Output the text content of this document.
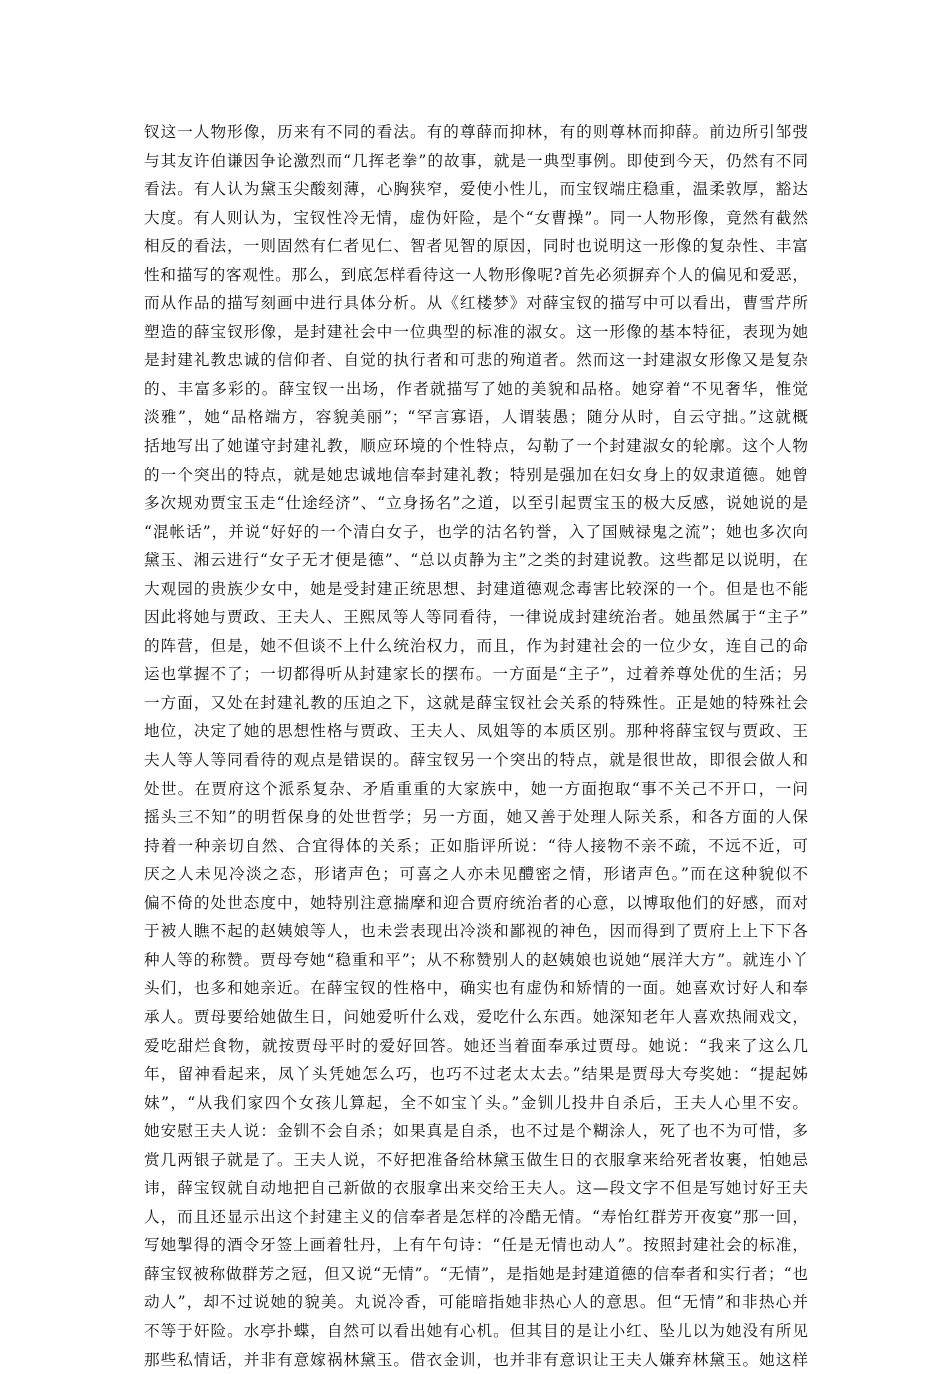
钗这一人物形像，历来有不同的看法。有的尊薛而抑林，有的则尊林而抑薛。前边所引邹弢
与其友许伯谦因争论激烈而“几挥老拳”的故事，就是一典型事例。即使到今天，仍然有不同
看法。有人认为黛玉尖酸刻薄，心胸狭窄，爱使小性儿，而宝钗端庄稳重，温柔敦厚，豁达
大度。有人则认为，宝钗性冷无情，虚伪奸险，是个“女曹操”。同一人物形像，竟然有截然
相反的看法，一则固然有仁者见仁、智者见智的原因，同时也说明这一形像的复杂性、丰富
性和描写的客观性。那么，到底怎样看待这一人物形像呢?首先必须摒弃个人的偏见和爱恶，
而从作品的描写刻画中进行具体分析。从《红楼梦》对薛宝钗的描写中可以看出，曹雪芹所
塑造的薛宝钗形像，是封建社会中一位典型的标准的淑女。这一形像的基本特征，表现为她
是封建礼教忠诚的信仰者、自觉的执行者和可悲的殉道者。然而这一封建淑女形像又是复杂
的、丰富多彩的。薛宝钗一出场，作者就描写了她的美貌和品格。她穿着“不见奢华，惟觉
淡雅”，她“品格端方，容貌美丽”；“罕言寡语，人谓装愚；随分从时，自云守拙。”这就概
括地写出了她谨守封建礼教，顺应环境的个性特点，勾勒了一个封建淑女的轮廓。这个人物
的一个突出的特点，就是她忠诚地信奉封建礼教；特别是强加在妇女身上的奴隶道德。她曾
多次规劝贾宝玉走“仕途经济”、“立身扬名”之道，以至引起贾宝玉的极大反感，说她说的是
“混帐话”，并说“好好的一个清白女子，也学的沽名钓誉，入了国贼禄鬼之流”；她也多次向
黛玉、湘云进行“女子无才便是德”、“总以贞静为主”之类的封建说教。这些都足以说明，在
大观园的贵族少女中，她是受封建正统思想、封建道德观念毒害比较深的一个。但是也不能
因此将她与贾政、王夫人、王熙凤等人等同看待，一律说成封建统治者。她虽然属于“主子”
的阵营，但是，她不但谈不上什么统治权力，而且，作为封建社会的一位少女，连自己的命
运也掌握不了；一切都得听从封建家长的摆布。一方面是“主子”，过着养尊处优的生活；另
一方面，又处在封建礼教的压迫之下，这就是薛宝钗社会关系的特殊性。正是她的特殊社会
地位，决定了她的思想性格与贾政、王夫人、凤姐等的本质区别。那种将薛宝钗与贾政、王
夫人等人等同看待的观点是错误的。薛宝钗另一个突出的特点，就是很世故，即很会做人和
处世。在贾府这个派系复杂、矛盾重重的大家族中，她一方面抱取“事不关己不开口，一问
摇头三不知”的明哲保身的处世哲学；另一方面，她又善于处理人际关系，和各方面的人保
持着一种亲切自然、合宜得体的关系；正如脂评所说：“待人接物不亲不疏，不远不近，可
厌之人未见冷淡之态，形诸声色；可喜之人亦未见醴密之情，形诸声色。”而在这种貌似不
偏不倚的处世态度中，她特别注意揣摩和迎合贾府统治者的心意，以博取他们的好感，而对
于被人瞧不起的赵姨娘等人，也未尝表现出冷淡和鄙视的神色，因而得到了贾府上上下下各
种人等的称赞。贾母夸她“稳重和平”；从不称赞别人的赵姨娘也说她“展洋大方”。就连小丫
头们，也多和她亲近。在薛宝钗的性格中，确实也有虚伪和矫情的一面。她喜欢讨好人和奉
承人。贾母要给她做生日，问她爱听什么戏，爱吃什么东西。她深知老年人喜欢热闹戏文，
爱吃甜烂食物，就按贾母平时的爱好回答。她还当着面奉承过贾母。她说：“我来了这么几
年，留神看起来，凤丫头凭她怎么巧，也巧不过老太太去。”结果是贾母大夸奖她：“提起姊
妹”，“从我们家四个女孩儿算起，全不如宝丫头。”金钏儿投井自杀后，王夫人心里不安。
她安慰王夫人说：金钏不会自杀；如果真是自杀，也不过是个糊涂人，死了也不为可惜，多
赏几两银子就是了。王夫人说，不好把准备给林黛玉做生日的衣服拿来给死者妆裹，怕她忌
讳，薛宝钗就自动地把自己新做的衣服拿出来交给王夫人。这—段文字不但是写她讨好王夫
人，而且还显示出这个封建主义的信奉者是怎样的冷酷无情。“寿怡红群芳开夜宴”那一回，
写她掣得的酒令牙签上画着牡丹，上有午句诗：“任是无情也动人”。按照封建社会的标准，
薛宝钗被称做群芳之冠，但又说“无情”。“无情”，是指她是封建道德的信奉者和实行者；“也
动人”，却不过说她的貌美。丸说冷香，可能暗指她非热心人的意思。但“无情”和非热心并
不等于奸险。水亭扑蝶，自然可以看出她有心机。但其目的是让小红、坠儿以为她没有所见
那些私情话，并非有意嫁祸林黛玉。借衣金训，也并非有意识让王夫人嫌弃林黛玉。她这样
